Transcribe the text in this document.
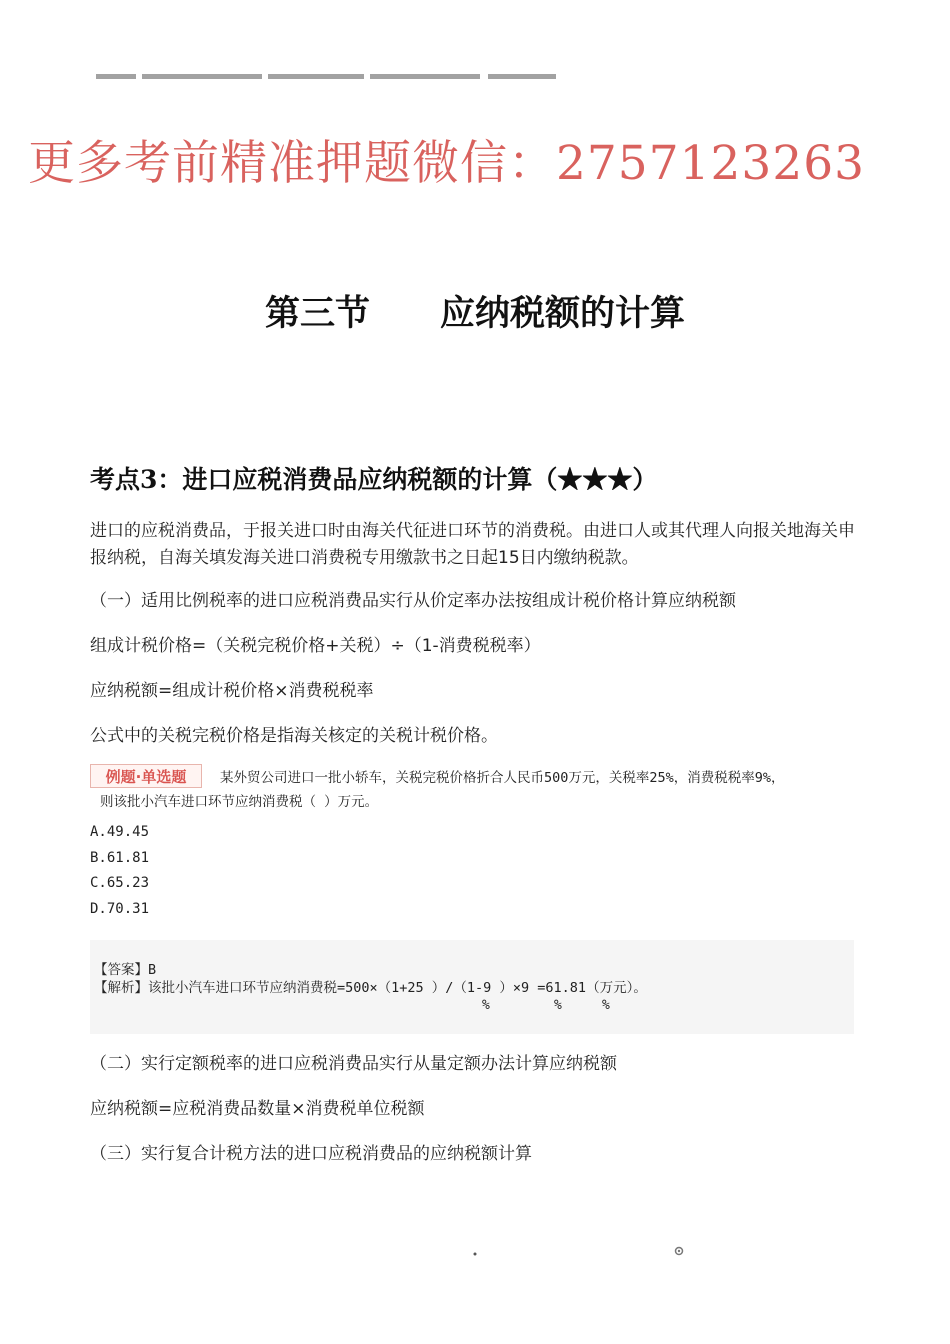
更多考前精准押题微信：2757123263
第三节　　应纳税额的计算
考点3：进口应税消费品应纳税额的计算（★★★）
进口的应税消费品，于报关进口时由海关代征进口环节的消费税。由进口人或其代理人向报关地海关申报纳税，自海关填发海关进口消费税专用缴款书之日起15日内缴纳税款。
（一）适用比例税率的进口应税消费品实行从价定率办法按组成计税价格计算应纳税额
组成计税价格=（关税完税价格+关税）÷（1-消费税税率）
应纳税额=组成计税价格×消费税税率
公式中的关税完税价格是指海关核定的关税计税价格。
例题·单选题	某外贸公司进口一批小轿车，关税完税价格折合人民币500万元，关税率25%，消费税税率9%，
则该批小汽车进口环节应纳消费税（ ）万元。
A.49.45
B.61.81
C.65.23
D.70.31
【答案】B
【解析】该批小汽车进口环节应纳消费税=500×（1+25 ）/（1-9 ）×9 =61.81（万元）。
%	%	%
（二）实行定额税率的进口应税消费品实行从量定额办法计算应纳税额
应纳税额=应税消费品数量×消费税单位税额
（三）实行复合计税方法的进口应税消费品的应纳税额计算
